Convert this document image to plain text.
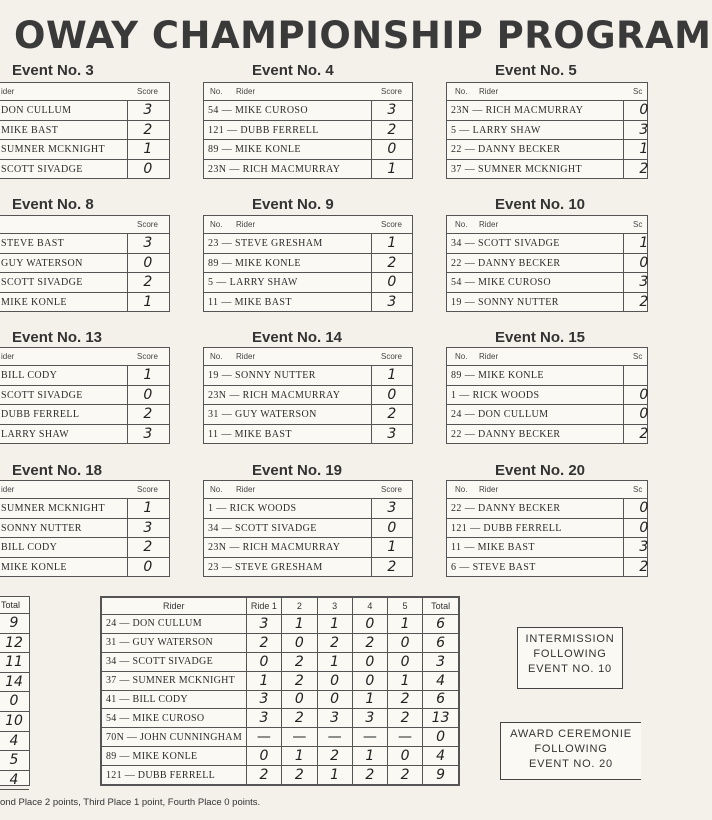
OWAY CHAMPIONSHIP PROGRAM
Event No. 3
ider	Score
DON CULLUM	3
MIKE BAST	2
SUMNER MCKNIGHT	1
SCOTT SIVADGE	0
Event No. 4
No. Rider	Score
54 — MIKE CUROSO	3
121 — DUBB FERRELL	2
89 — MIKE KONLE	0
23N — RICH MACMURRAY	1
Event No. 5
No. Rider	Sc
23N — RICH MACMURRAY	0
5 — LARRY SHAW	3
22 — DANNY BECKER	1
37 — SUMNER MCKNIGHT	2
Event No. 8
Score
STEVE BAST	3
GUY WATERSON	0
SCOTT SIVADGE	2
MIKE KONLE	1
Event No. 9
No. Rider	Score
23 — STEVE GRESHAM	1
89 — MIKE KONLE	2
5 — LARRY SHAW	0
11 — MIKE BAST	3
Event No. 10
No. Rider	Sc
34 — SCOTT SIVADGE	1
22 — DANNY BECKER	0
54 — MIKE CUROSO	3
19 — SONNY NUTTER	2
Event No. 13
ider	Score
BILL CODY	1
SCOTT SIVADGE	0
DUBB FERRELL	2
LARRY SHAW	3
Event No. 14
No. Rider	Score
19 — SONNY NUTTER	1
23N — RICH MACMURRAY	0
31 — GUY WATERSON	2
11 — MIKE BAST	3
Event No. 15
No. Rider	Sc
89 — MIKE KONLE
1 — RICK WOODS	0
24 — DON CULLUM	0
22 — DANNY BECKER	2
Event No. 18
ider	Score
SUMNER MCKNIGHT	1
SONNY NUTTER	3
BILL CODY	2
MIKE KONLE	0
Event No. 19
No. Rider	Score
1 — RICK WOODS	3
34 — SCOTT SIVADGE	0
23N — RICH MACMURRAY	1
23 — STEVE GRESHAM	2
Event No. 20
No. Rider	Sc
22 — DANNY BECKER	0
121 — DUBB FERRELL	0
11 — MIKE BAST	3
6 — STEVE BAST	2
Total
9
12
11
14
0
10
4
5
4
Rider	Ride 1	2	3	4	5	Total
24 — DON CULLUM	3	1	1	0	1	6
31 — GUY WATERSON	2	0	2	2	0	6
34 — SCOTT SIVADGE	0	2	1	0	0	3
37 — SUMNER MCKNIGHT	1	2	0	0	1	4
41 — BILL CODY	3	0	0	1	2	6
54 — MIKE CUROSO	3	2	3	3	2	13
70N — JOHN CUNNINGHAM	—	—	—	—	—	0
89 — MIKE KONLE	0	1	2	1	0	4
121 — DUBB FERRELL	2	2	1	2	2	9
INTERMISSION
FOLLOWING
EVENT NO. 10
AWARD CEREMONIE
FOLLOWING
EVENT NO. 20
ond Place 2 points, Third Place 1 point, Fourth Place 0 points.
